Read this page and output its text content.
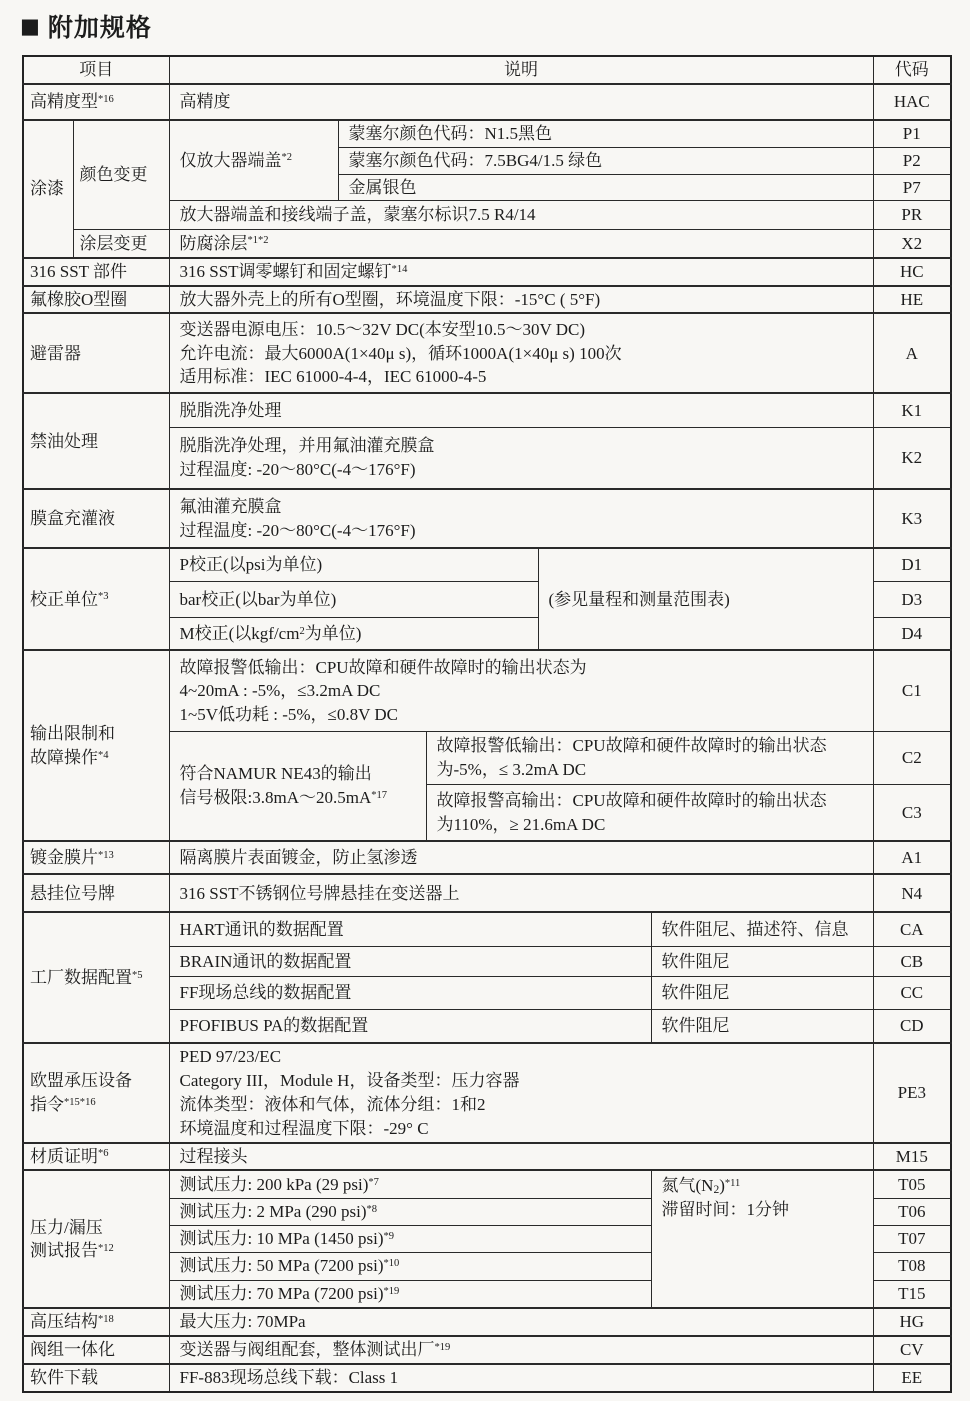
■ 附加规格
项目		说明					代码
高精度型$^{*16}$		高精度					HAC
涂漆	颜色变更	仅放大器端盖$^{*2}$	蒙塞尔颜色代码：N1.5黑色				P1
			蒙塞尔颜色代码：7.5BG4/1.5 绿色				P2
			金属银色				P7
		放大器端盖和接线端子盖，蒙塞尔标识7.5 R4/14					PR
	涂层变更	防腐涂层$^{*1*2}$					X2
316 SST 部件		316 SST调零螺钉和固定螺钉$^{*14}$					HC
氟橡胶O型圈		放大器外壳上的所有O型圈，环境温度下限：-15°C ( 5°F)					HE
避雷器		变送器电源电压：10.5～32V DC(本安型10.5～30V DC)
允许电流：最大6000A(1×40μ s)，循环1000A(1×40μ s) 100次
适用标准：IEC 61000-4-4，IEC 61000-4-5					A
禁油处理		脱脂洗净处理					K1
		脱脂洗净处理，并用氟油灌充膜盒
过程温度: -20～80°C(-4～176°F)					K2
膜盒充灌液		氟油灌充膜盒
过程温度: -20～80°C(-4～176°F)					K3
校正单位$^{*3}$		P校正(以psi为单位)			(参见量程和测量范围表)		D1
		bar校正(以bar为单位)					D3
		M校正(以kgf/$cm^2$为单位)					D4
输出限制和
故障操作$^{*4}$		故障报警低输出：CPU故障和硬件故障时的输出状态为
4~20mA : -5%，≤3.2mA DC
1~5V低功耗 : -5%，≤0.8V DC					C1
		符合NAMUR NE43的输出
信号极限$:3.8mA\sim 20.5mA^{*17}$		故障报警低输出：CPU故障和硬件故障时的输出状态
为-5%，≤ 3.2mA DC			C2
				故障报警高输出：CPU故障和硬件故障时的输出状态
为110%，≥ 21.6mA DC			C3
镀金膜片$^{*13}$		隔离膜片表面镀金，防止氢渗透					A1
悬挂位号牌		316 SST不锈钢位号牌悬挂在变送器上					N4
工厂数据配置$^{*5}$		HART通讯的数据配置				软件阻尼、描述符、信息	CA
		BRAIN通讯的数据配置				软件阻尼	CB
		FF现场总线的数据配置				软件阻尼	CC
		PFOFIBUS PA的数据配置				软件阻尼	CD
欧盟承压设备
指令$^{*15*16}$		PED 97/23/EC
Category III，Module H，设备类型：压力容器
流体类型：液体和气体，流体分组：1和2
环境温度和过程温度下限：-29° C					PE3
材质证明$^{*6}$		过程接头					M15
压力/漏压
测试报告$^{*12}$		测试压力: 200 kPa (29 psi)$^{*7}$				氮气$(N_2)^{*11}$
滞留时间：1分钟	T05
		测试压力: 2 MPa (290 psi)$^{*8}$					T06
		测试压力: 10 MPa (1450 psi)$^{*9}$					T07
		测试压力: 50 MPa (7200 psi)$^{*10}$					T08
		测试压力: 70 MPa (7200 psi)$^{*19}$					T15
高压结构$^{*18}$		最大压力: 70MPa					HG
阀组一体化		变送器与阀组配套，整体测试出厂$^{*19}$					CV
软件下载		FF-883现场总线下载：Class 1					EE
